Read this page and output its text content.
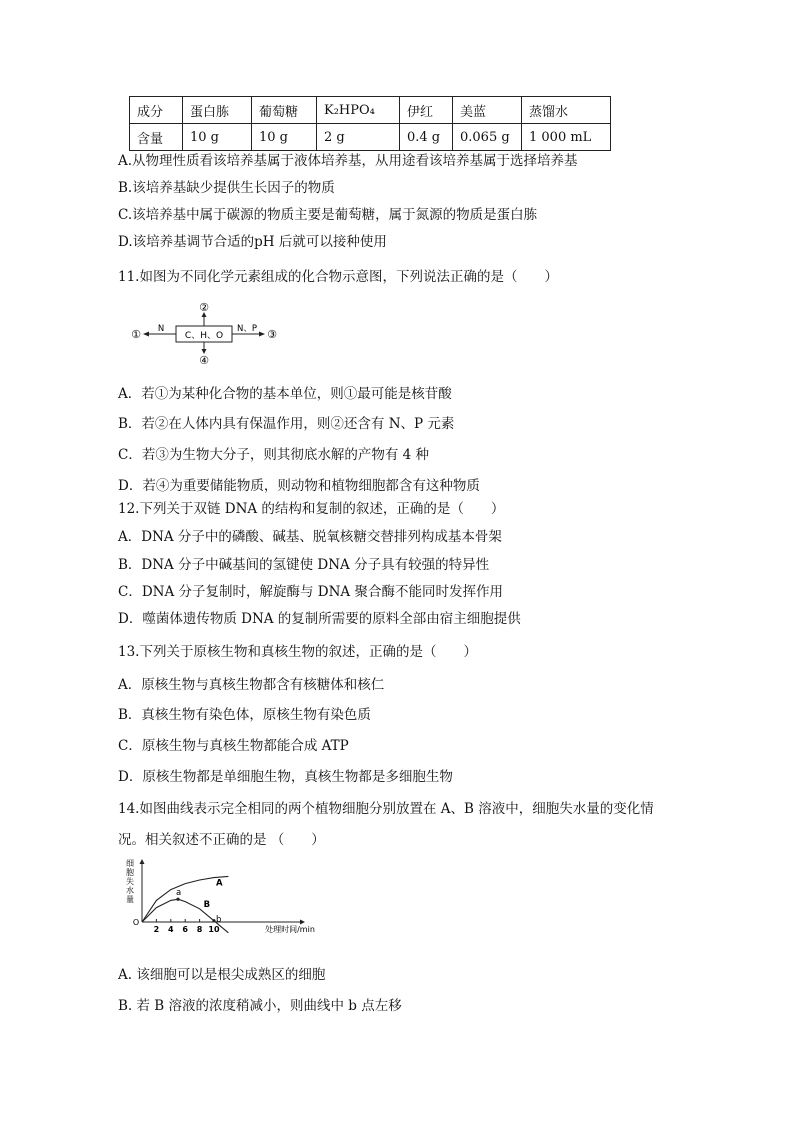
成分	蛋白胨	葡萄糖	K₂HPO₄	伊红	美蓝	蒸馏水
含量	10 g	10 g	2 g	0.4 g	0.065 g	1 000 mL
A.从物理性质看该培养基属于液体培养基，从用途看该培养基属于选择培养基
B.该培养基缺少提供生长因子的物质
C.该培养基中属于碳源的物质主要是葡萄糖，属于氮源的物质是蛋白胨
D.该培养基调节合适的pH 后就可以接种使用
11.如图为不同化学元素组成的化合物示意图，下列说法正确的是（　　）
C、H、O
N
①	N、P ③
②
④
A．若①为某种化合物的基本单位，则①最可能是核苷酸
B．若②在人体内具有保温作用，则②还含有 N、P 元素
C．若③为生物大分子，则其彻底水解的产物有 4 种
D．若④为重要储能物质，则动物和植物细胞都含有这种物质
12.下列关于双链 DNA 的结构和复制的叙述，正确的是（　　）
A．DNA 分子中的磷酸、碱基、脱氧核糖交替排列构成基本骨架
B．DNA 分子中碱基间的氢键使 DNA 分子具有较强的特异性
C．DNA 分子复制时，解旋酶与 DNA 聚合酶不能同时发挥作用
D．噬菌体遗传物质 DNA 的复制所需要的原料全部由宿主细胞提供
13.下列关于原核生物和真核生物的叙述，正确的是（　　）
A．原核生物与真核生物都含有核糖体和核仁
B．真核生物有染色体，原核生物有染色质
C．原核生物与真核生物都能合成 ATP
D．原核生物都是单细胞生物，真核生物都是多细胞生物
14.如图曲线表示完全相同的两个植物细胞分别放置在 A、B 溶液中，细胞失水量的变化情
况。相关叙述不正确的是 （　　）
细
胞
失
水
量
O
2 4 6 8 10	处理时间/min
A
B
a
b
A. 该细胞可以是根尖成熟区的细胞
B. 若 B 溶液的浓度稍减小，则曲线中 b 点左移
